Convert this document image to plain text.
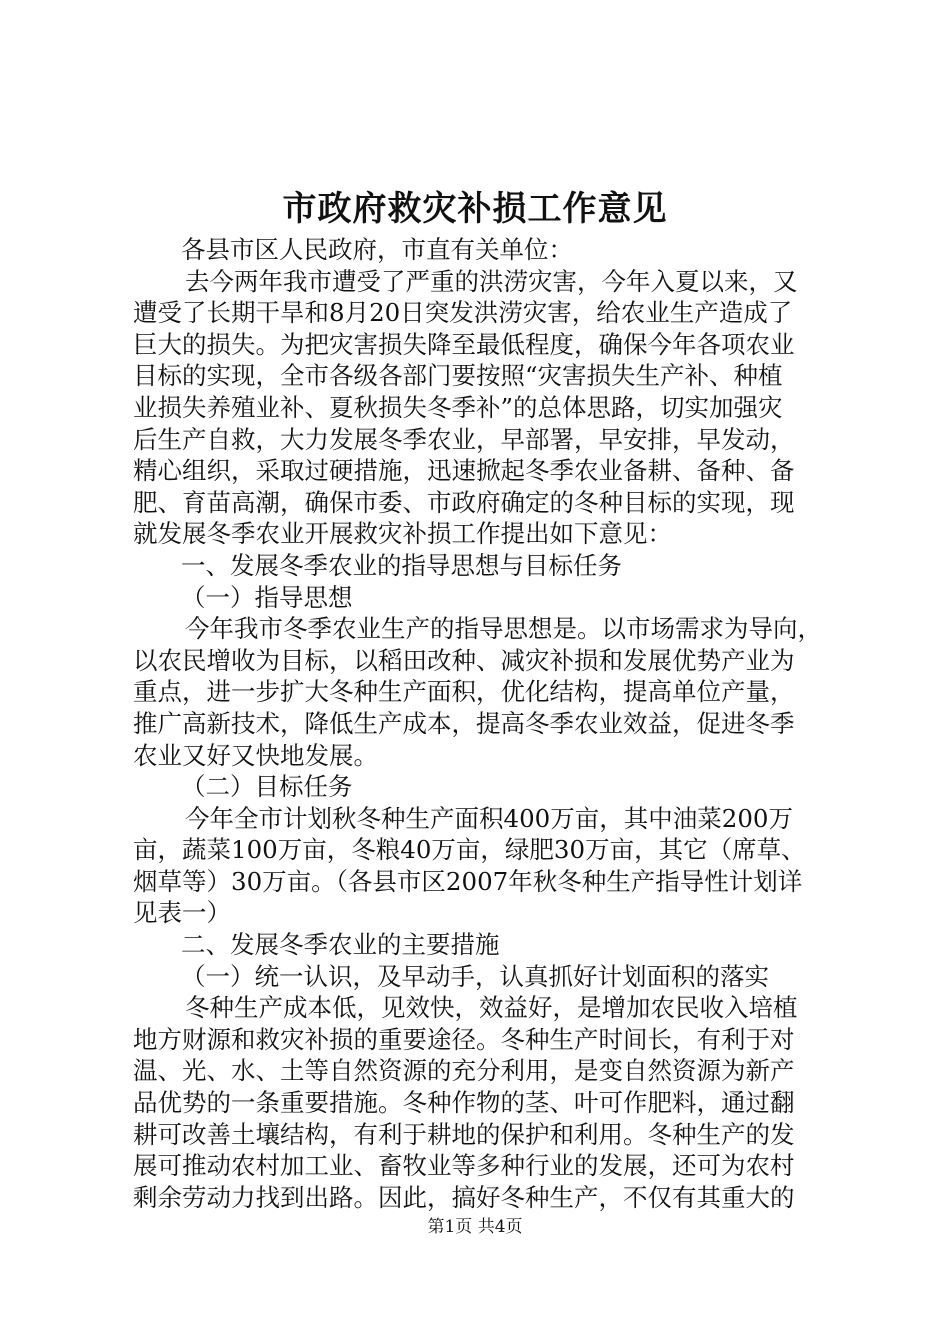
市政府救灾补损工作意见
各县市区人民政府，市直有关单位：
去今两年我市遭受了严重的洪涝灾害，今年入夏以来，又
遭受了长期干旱和8月20日突发洪涝灾害，给农业生产造成了
巨大的损失。为把灾害损失降至最低程度，确保今年各项农业
目标的实现，全市各级各部门要按照“灾害损失生产补、种植
业损失养殖业补、夏秋损失冬季补”的总体思路，切实加强灾
后生产自救，大力发展冬季农业，早部署，早安排，早发动，
精心组织，采取过硬措施，迅速掀起冬季农业备耕、备种、备
肥、育苗高潮，确保市委、市政府确定的冬种目标的实现，现
就发展冬季农业开展救灾补损工作提出如下意见：
一、发展冬季农业的指导思想与目标任务
（一）指导思想
今年我市冬季农业生产的指导思想是。以市场需求为导向，
以农民增收为目标，以稻田改种、减灾补损和发展优势产业为
重点，进一步扩大冬种生产面积，优化结构，提高单位产量，
推广高新技术，降低生产成本，提高冬季农业效益，促进冬季
农业又好又快地发展。
（二）目标任务
今年全市计划秋冬种生产面积400万亩，其中油菜200万
亩，蔬菜100万亩，冬粮40万亩，绿肥30万亩，其它（席草、
烟草等）30万亩。（各县市区2007年秋冬种生产指导性计划详
见表一）
二、发展冬季农业的主要措施
（一）统一认识，及早动手，认真抓好计划面积的落实
冬种生产成本低，见效快，效益好，是增加农民收入培植
地方财源和救灾补损的重要途径。冬种生产时间长，有利于对
温、光、水、土等自然资源的充分利用，是变自然资源为新产
品优势的一条重要措施。冬种作物的茎、叶可作肥料，通过翻
耕可改善土壤结构，有利于耕地的保护和利用。冬种生产的发
展可推动农村加工业、畜牧业等多种行业的发展，还可为农村
剩余劳动力找到出路。因此，搞好冬种生产，不仅有其重大的
第1页 共4页
